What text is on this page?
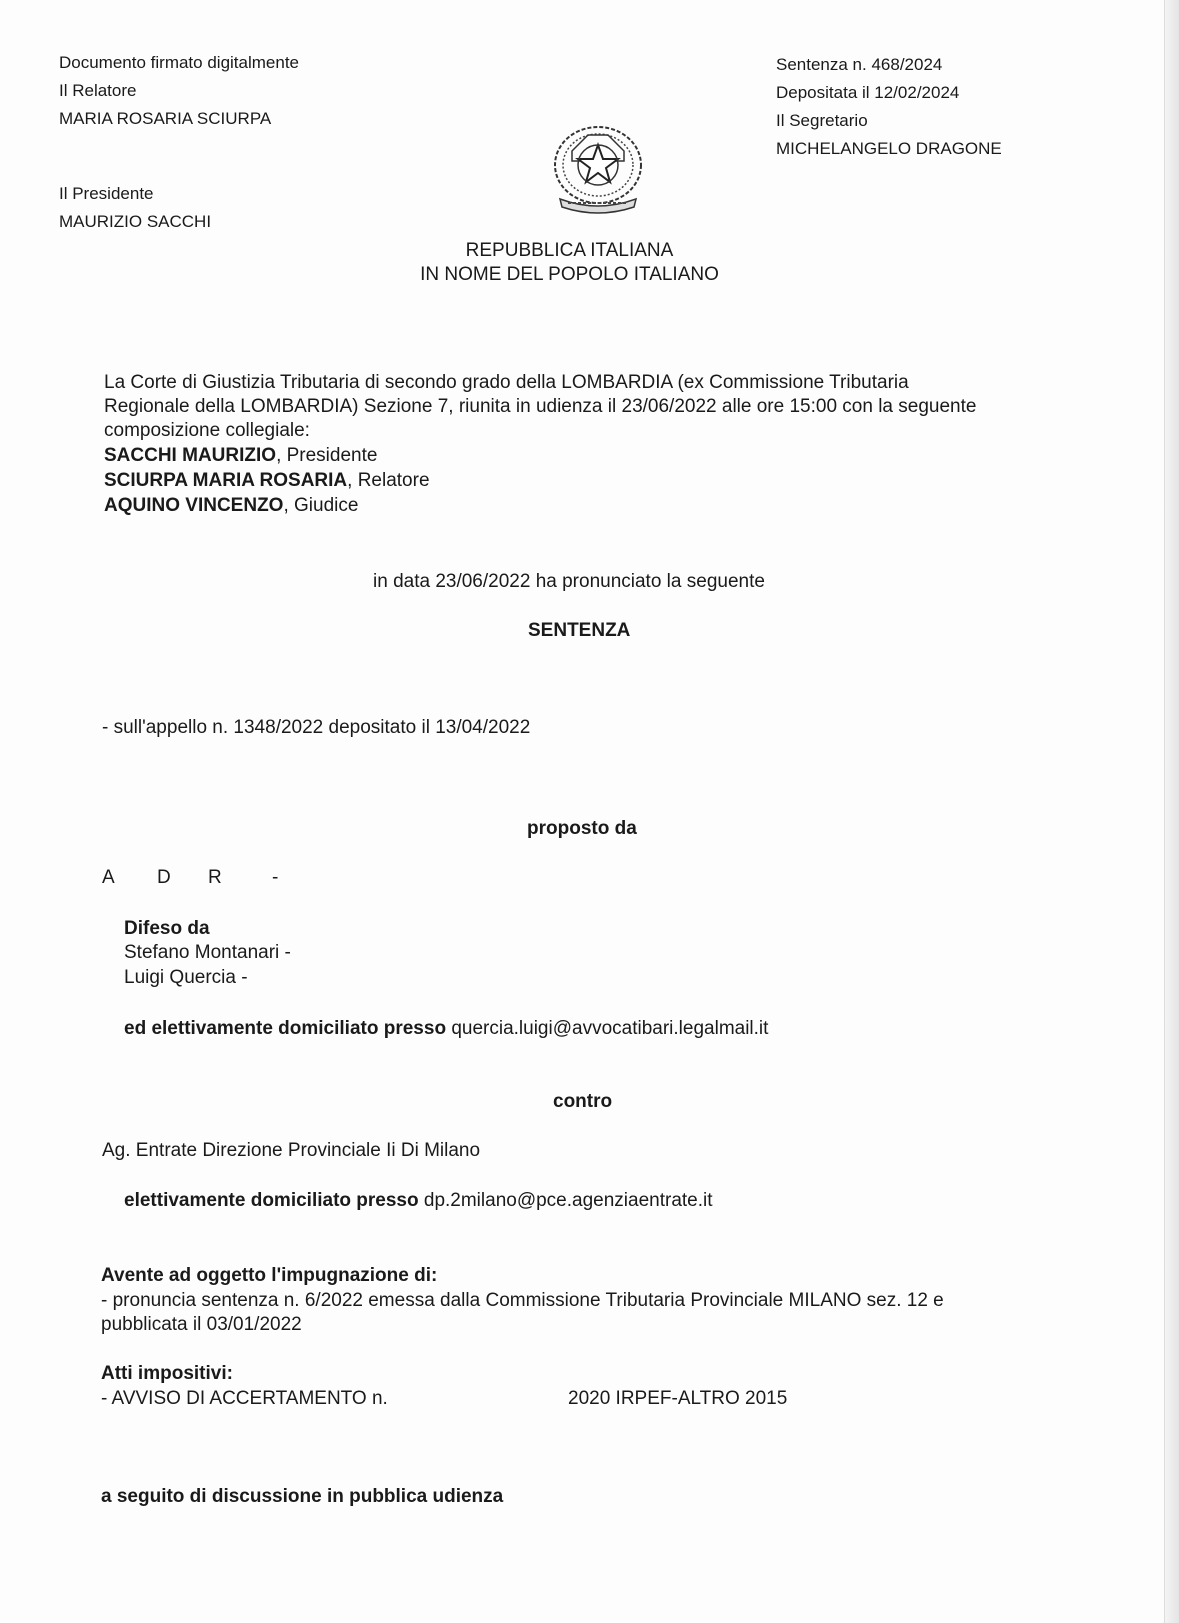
Documento firmato digitalmente
Il Relatore
MARIA ROSARIA SCIURPA
Il Presidente
MAURIZIO SACCHI
Sentenza n. 468/2024
Depositata il 12/02/2024
Il Segretario
MICHELANGELO DRAGONE
REPUBBLICA ITALIANA
IN NOME DEL POPOLO ITALIANO
La Corte di Giustizia Tributaria di secondo grado della LOMBARDIA (ex Commissione Tributaria
Regionale della LOMBARDIA) Sezione 7, riunita in udienza il 23/06/2022 alle ore 15:00 con la seguente
composizione collegiale:
SACCHI MAURIZIO, Presidente
SCIURPA MARIA ROSARIA, Relatore
AQUINO VINCENZO, Giudice
in data 23/06/2022 ha pronunciato la seguente
SENTENZA
- sull'appello n. 1348/2022 depositato il 13/04/2022
proposto da
A D R	-
Difeso da
Stefano Montanari -
Luigi Quercia -
ed elettivamente domiciliato presso quercia.luigi@avvocatibari.legalmail.it
contro
Ag. Entrate Direzione Provinciale Ii Di Milano
elettivamente domiciliato presso dp.2milano@pce.agenziaentrate.it
Avente ad oggetto l'impugnazione di:
- pronuncia sentenza n. 6/2022 emessa dalla Commissione Tributaria Provinciale MILANO sez. 12 e
pubblicata il 03/01/2022
Atti impositivi:
- AVVISO DI ACCERTAMENTO n.	2020 IRPEF-ALTRO 2015
a seguito di discussione in pubblica udienza
